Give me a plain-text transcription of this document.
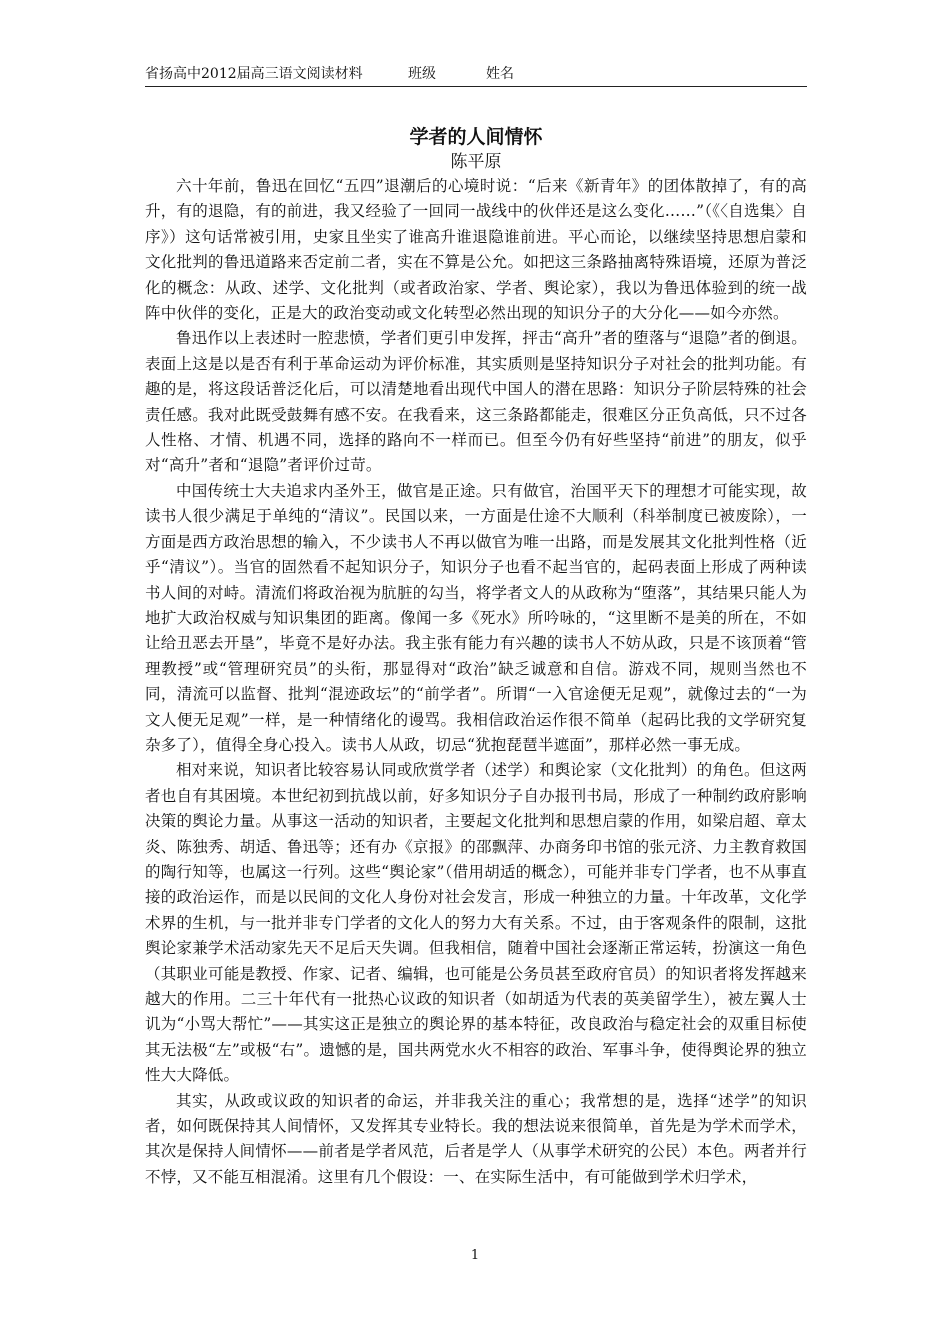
省扬高中2012届高三语文阅读材料	班级	姓名
学者的人间情怀
陈平原

六十年前，鲁迅在回忆“五四”退潮后的心境时说：“后来《新青年》的团体散掉了，有的高升，有的退隐，有的前进，我又经验了一回同一战线中的伙伴还是这么变化……”（《〈自选集〉自序》）这句话常被引用，史家且坐实了谁高升谁退隐谁前进。平心而论，以继续坚持思想启蒙和文化批判的鲁迅道路来否定前二者，实在不算是公允。如把这三条路抽离特殊语境，还原为普泛化的概念：从政、述学、文化批判（或者政治家、学者、舆论家），我以为鲁迅体验到的统一战阵中伙伴的变化，正是大的政治变动或文化转型必然出现的知识分子的大分化——如今亦然。

鲁迅作以上表述时一腔悲愤，学者们更引申发挥，抨击“高升”者的堕落与“退隐”者的倒退。表面上这是以是否有利于革命运动为评价标准，其实质则是坚持知识分子对社会的批判功能。有趣的是，将这段话普泛化后，可以清楚地看出现代中国人的潜在思路：知识分子阶层特殊的社会责任感。我对此既受鼓舞有感不安。在我看来，这三条路都能走，很难区分正负高低，只不过各人性格、才情、机遇不同，选择的路向不一样而已。但至今仍有好些坚持“前进”的朋友，似乎对“高升”者和“退隐”者评价过苛。

中国传统士大夫追求内圣外王，做官是正途。只有做官，治国平天下的理想才可能实现，故读书人很少满足于单纯的“清议”。民国以来，一方面是仕途不大顺利（科举制度已被废除），一方面是西方政治思想的输入，不少读书人不再以做官为唯一出路，而是发展其文化批判性格（近乎“清议”）。当官的固然看不起知识分子，知识分子也看不起当官的，起码表面上形成了两种读书人间的对峙。清流们将政治视为肮脏的勾当，将学者文人的从政称为“堕落”，其结果只能人为地扩大政治权威与知识集团的距离。像闻一多《死水》所吟咏的，“这里断不是美的所在，不如让给丑恶去开垦”，毕竟不是好办法。我主张有能力有兴趣的读书人不妨从政，只是不该顶着“管理教授”或“管理研究员”的头衔，那显得对“政治”缺乏诚意和自信。游戏不同，规则当然也不同，清流可以监督、批判“混迹政坛”的“前学者”。所谓“一入官途便无足观”，就像过去的“一为文人便无足观”一样，是一种情绪化的谩骂。我相信政治运作很不简单（起码比我的文学研究复杂多了），值得全身心投入。读书人从政，切忌“犹抱琵琶半遮面”，那样必然一事无成。

相对来说，知识者比较容易认同或欣赏学者（述学）和舆论家（文化批判）的角色。但这两者也自有其困境。本世纪初到抗战以前，好多知识分子自办报刊书局，形成了一种制约政府影响决策的舆论力量。从事这一活动的知识者，主要起文化批判和思想启蒙的作用，如梁启超、章太炎、陈独秀、胡适、鲁迅等；还有办《京报》的邵飘萍、办商务印书馆的张元济、力主教育救国的陶行知等，也属这一行列。这些“舆论家”（借用胡适的概念），可能并非专门学者，也不从事直接的政治运作，而是以民间的文化人身份对社会发言，形成一种独立的力量。十年改革，文化学术界的生机，与一批并非专门学者的文化人的努力大有关系。不过，由于客观条件的限制，这批舆论家兼学术活动家先天不足后天失调。但我相信，随着中国社会逐渐正常运转，扮演这一角色（其职业可能是教授、作家、记者、编辑，也可能是公务员甚至政府官员）的知识者将发挥越来越大的作用。二三十年代有一批热心议政的知识者（如胡适为代表的英美留学生），被左翼人士讥为“小骂大帮忙”——其实这正是独立的舆论界的基本特征，改良政治与稳定社会的双重目标使其无法极“左”或极“右”。遗憾的是，国共两党水火不相容的政治、军事斗争，使得舆论界的独立性大大降低。

其实，从政或议政的知识者的命运，并非我关注的重心；我常想的是，选择“述学”的知识者，如何既保持其人间情怀，又发挥其专业特长。我的想法说来很简单，首先是为学术而学术，其次是保持人间情怀——前者是学者风范，后者是学人（从事学术研究的公民）本色。两者并行不悖，又不能互相混淆。这里有几个假设：一、在实际生活中，有可能做到学术归学术，

1
